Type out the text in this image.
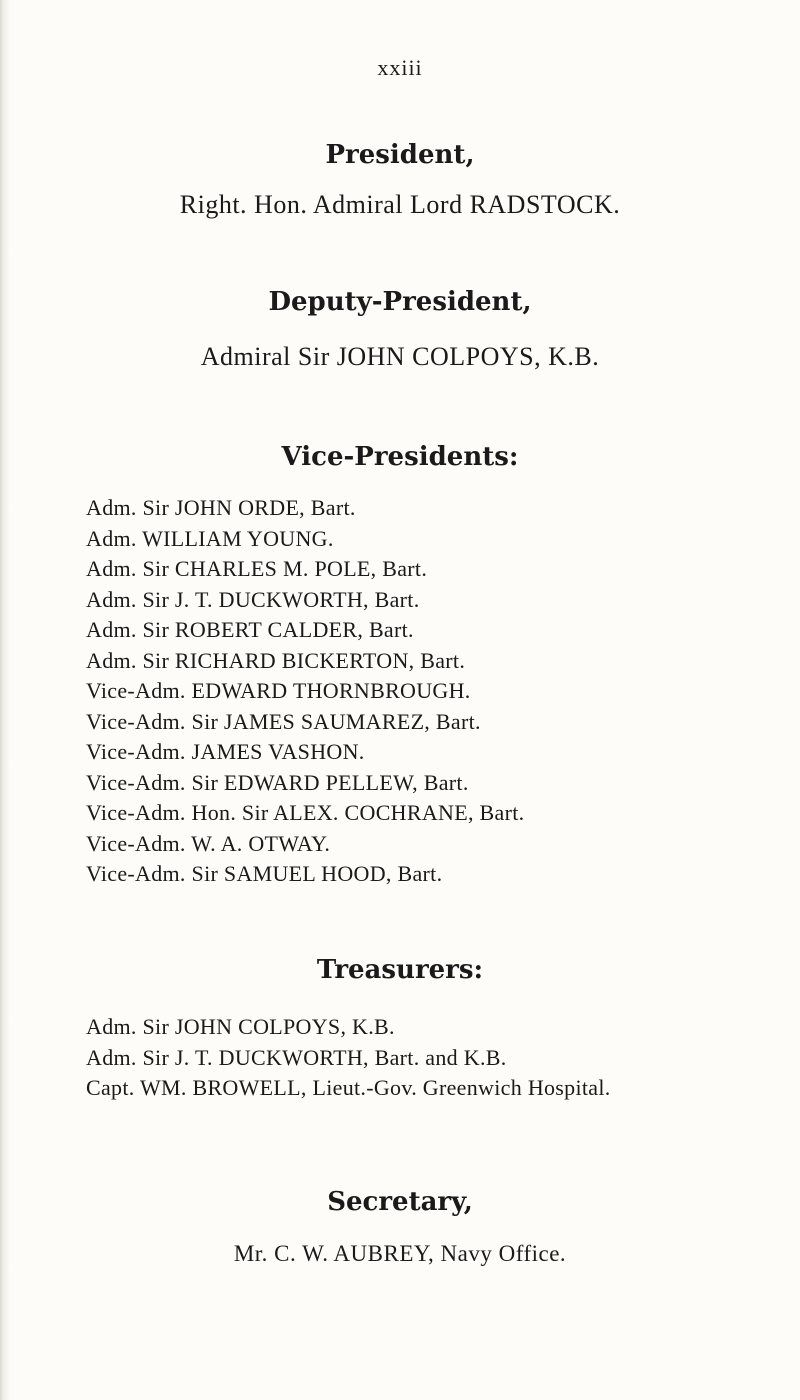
xxiii
President,
Right. Hon. Admiral Lord RADSTOCK.
Deputy-President,
Admiral Sir JOHN COLPOYS, K.B.
Vice-Presidents:
Adm. Sir JOHN ORDE, Bart.
Adm. WILLIAM YOUNG.
Adm. Sir CHARLES M. POLE, Bart.
Adm. Sir J. T. DUCKWORTH, Bart.
Adm. Sir ROBERT CALDER, Bart.
Adm. Sir RICHARD BICKERTON, Bart.
Vice-Adm. EDWARD THORNBROUGH.
Vice-Adm. Sir JAMES SAUMAREZ, Bart.
Vice-Adm. JAMES VASHON.
Vice-Adm. Sir EDWARD PELLEW, Bart.
Vice-Adm. Hon. Sir ALEX. COCHRANE, Bart.
Vice-Adm. W. A. OTWAY.
Vice-Adm. Sir SAMUEL HOOD, Bart.
Treasurers:
Adm. Sir JOHN COLPOYS, K.B.
Adm. Sir J. T. DUCKWORTH, Bart. and K.B.
Capt. WM. BROWELL, Lieut.-Gov. Greenwich Hospital.
Secretary,
Mr. C. W. AUBREY, Navy Office.
